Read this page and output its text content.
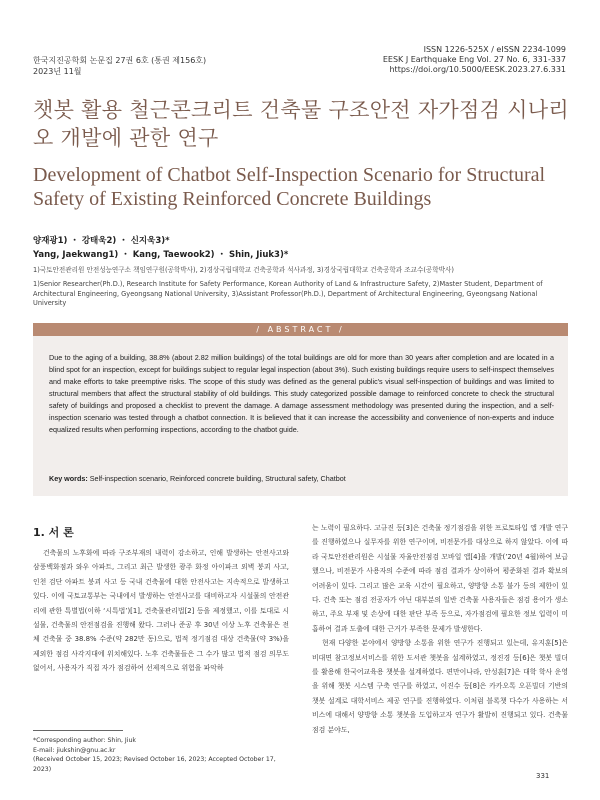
한국지진공학회 논문집 27권 6호 (통권 제156호)
2023년 11월
ISSN 1226-525X / eISSN 2234-1099
EESK J Earthquake Eng Vol. 27 No. 6, 331-337
https://doi.org/10.5000/EESK.2023.27.6.331
챗봇 활용 철근콘크리트 건축물 구조안전 자가점검 시나리오 개발에 관한 연구
Development of Chatbot Self-Inspection Scenario for Structural Safety of Existing Reinforced Concrete Buildings
양재광1) ・ 강태욱2) ・ 신지욱3)*
Yang, Jaekwang1) ・ Kang, Taewook2) ・ Shin, Jiuk3)*
1)국토안전관리원 안전성능연구소 책임연구원(공학박사), 2)경상국립대학교 건축공학과 석사과정, 3)경상국립대학교 건축공학과 조교수(공학박사)
1)Senior Researcher(Ph.D.), Research Institute for Safety Performance, Korean Authority of Land & Infrastructure Safety, 2)Master Student, Department of Architectural Engineering, Gyeongsang National University, 3)Assistant Professor(Ph.D.), Department of Architectural Engineering, Gyeongsang National University
/ ABSTRACT /
Due to the aging of a building, 38.8% (about 2.82 million buildings) of the total buildings are old for more than 30 years after completion and are located in a blind spot for an inspection, except for buildings subject to regular legal inspection (about 3%). Such existing buildings require users to self-inspect themselves and make efforts to take preemptive risks. The scope of this study was defined as the general public's visual self-inspection of buildings and was limited to structural members that affect the structural stability of old buildings. This study categorized possible damage to reinforced concrete to check the structural safety of buildings and proposed a checklist to prevent the damage. A damage assessment methodology was presented during the inspection, and a self-inspection scenario was tested through a chatbot connection. It is believed that it can increase the accessibility and convenience of non-experts and induce equalized results when performing inspections, according to the chatbot guide.
Key words: Self-inspection scenario, Reinforced concrete building, Structural safety, Chatbot
1. 서 론

건축물의 노후화에 따라 구조부재의 내력이 감소하고, 인해 발생하는 안전사고와 삼풍백화점과 와우 아파트, 그리고 최근 발생한 광주 화정 아이파크 외벽 붕괴 사고, 인천 검단 아파트 붕괴 사고 등 국내 건축물에 대한 안전사고는 지속적으로 발생하고 있다. 이에 국토교통부는 국내에서 발생하는 안전사고를 대비하고자 시설물의 안전관리에 관한 특별법(이하 ‘시특법’)[1], 건축물관리법[2] 등을 제정했고, 이를 토대로 시설물, 건축물의 안전점검을 진행해 왔다. 그러나 준공 후 30년 이상 노후 건축물은 전체 건축물 중 38.8% 수준(약 282만 동)으로, 법적 정기점검 대상 건축물(약 3%)을 제외한 점검 사각지대에 위치해있다. 노후 건축물들은 그 수가 많고 법적 점검 의무도 없어서, 사용자가 직접 자가 점검하여 선제적으로 위험을 파악하

는 노력이 필요하다. 고규진 등[3]은 건축물 정기점검을 위한 프로토타입 앱 개발 연구를 진행하였으나 실무자를 위한 연구이며, 비전문가를 대상으로 하지 않았다. 이에 따라 국토안전관리원은 시설물 자율안전점검 모바일 앱[4]을 개발(’20년 4월)하여 보급했으나, 비전문가 사용자의 수준에 따라 점검 결과가 상이하여 평준화된 결과 확보의 어려움이 있다. 그리고 많은 교육 시간이 필요하고, 양방향 소통 불가 등의 제한이 있다. 건축 또는 점검 전공자가 아닌 대부분의 일반 건축물 사용자들은 점검 용어가 생소하고, 주요 부재 및 손상에 대한 판단 부족 등으로, 자가점검에 필요한 정보 입력이 미흡하여 결과 도출에 대한 근거가 부족한 문제가 발생한다.

현재 다양한 분야에서 양방향 소통을 위한 연구가 진행되고 있는데, 유지훈[5]은 비대면 참고정보서비스를 위한 도서관 챗봇을 설계하였고, 정진경 등[6]은 챗봇 빌더를 활용해 한국어교육용 챗봇을 설계하였다. 편만이나라, 안성훈[7]은 대학 학사 운영을 위해 챗봇 시스템 구축 연구를 하였고, 이진수 등[8]은 카카오톡 오픈빌더 기반의 챗봇 설계로 대학서비스 제공 연구를 진행하였다. 이처럼 블록챗 다수가 사용하는 서비스에 대해서 양방향 소통 챗봇을 도입하고자 연구가 활발히 진행되고 있다. 건축물 점검 분야도,

*Corresponding author: Shin, Jiuk
E-mail: jiukshin@gnu.ac.kr
(Received October 15, 2023; Revised October 16, 2023; Accepted October 17, 2023)
331
